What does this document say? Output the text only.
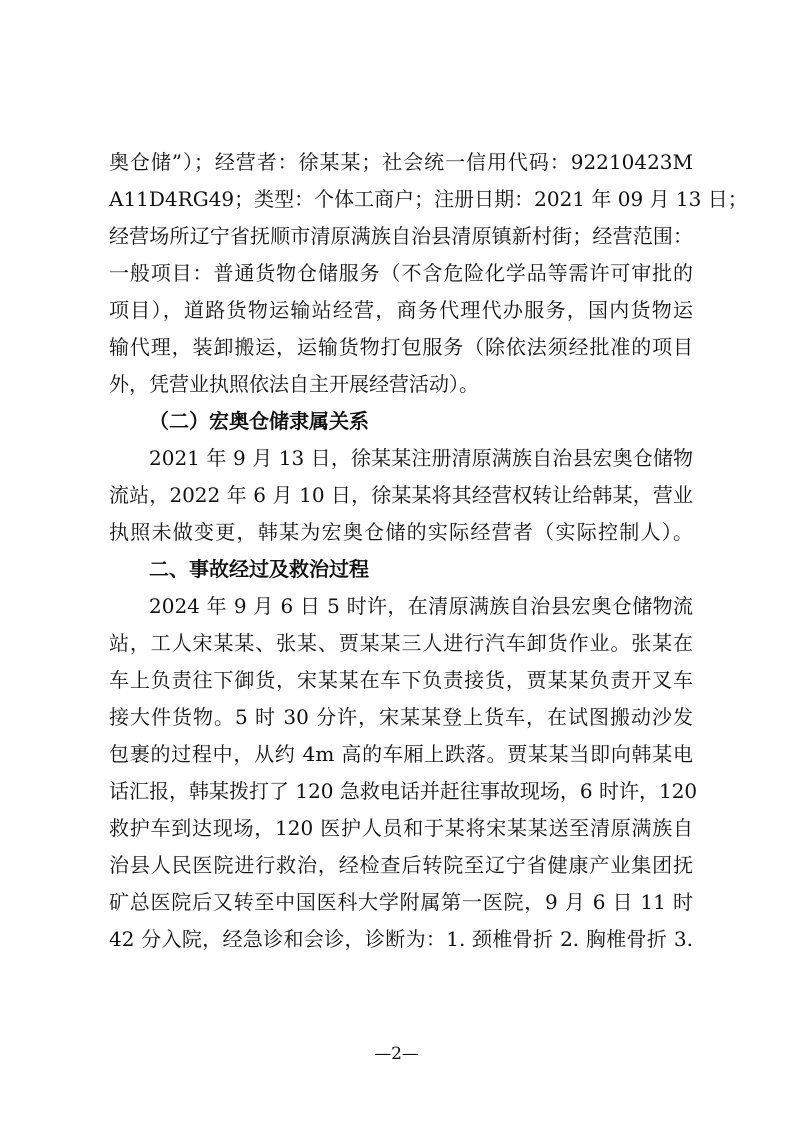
奥仓储”）；经营者：徐某某；社会统一信用代码：92210423M
A11D4RG49；类型：个体工商户；注册日期：2021 年 09 月 13 日；
经营场所辽宁省抚顺市清原满族自治县清原镇新村街；经营范围：
一般项目：普通货物仓储服务（不含危险化学品等需许可审批的
项目），道路货物运输站经营，商务代理代办服务，国内货物运
输代理，装卸搬运，运输货物打包服务（除依法须经批准的项目
外，凭营业执照依法自主开展经营活动）。
（二）宏奥仓储隶属关系
2021 年 9 月 13 日，徐某某注册清原满族自治县宏奥仓储物
流站，2022 年 6 月 10 日，徐某某将其经营权转让给韩某，营业
执照未做变更，韩某为宏奥仓储的实际经营者（实际控制人）。
二、事故经过及救治过程
2024 年 9 月 6 日 5 时许，在清原满族自治县宏奥仓储物流
站，工人宋某某、张某、贾某某三人进行汽车卸货作业。张某在
车上负责往下御货，宋某某在车下负责接货，贾某某负责开叉车
接大件货物。5 时 30 分许，宋某某登上货车，在试图搬动沙发
包裹的过程中，从约 4m 高的车厢上跌落。贾某某当即向韩某电
话汇报，韩某拨打了 120 急救电话并赶往事故现场，6 时许，120
救护车到达现场，120 医护人员和于某将宋某某送至清原满族自
治县人民医院进行救治，经检查后转院至辽宁省健康产业集团抚
矿总医院后又转至中国医科大学附属第一医院，9 月 6 日 11 时
42 分入院，经急诊和会诊，诊断为：1. 颈椎骨折 2. 胸椎骨折 3.
—2—
